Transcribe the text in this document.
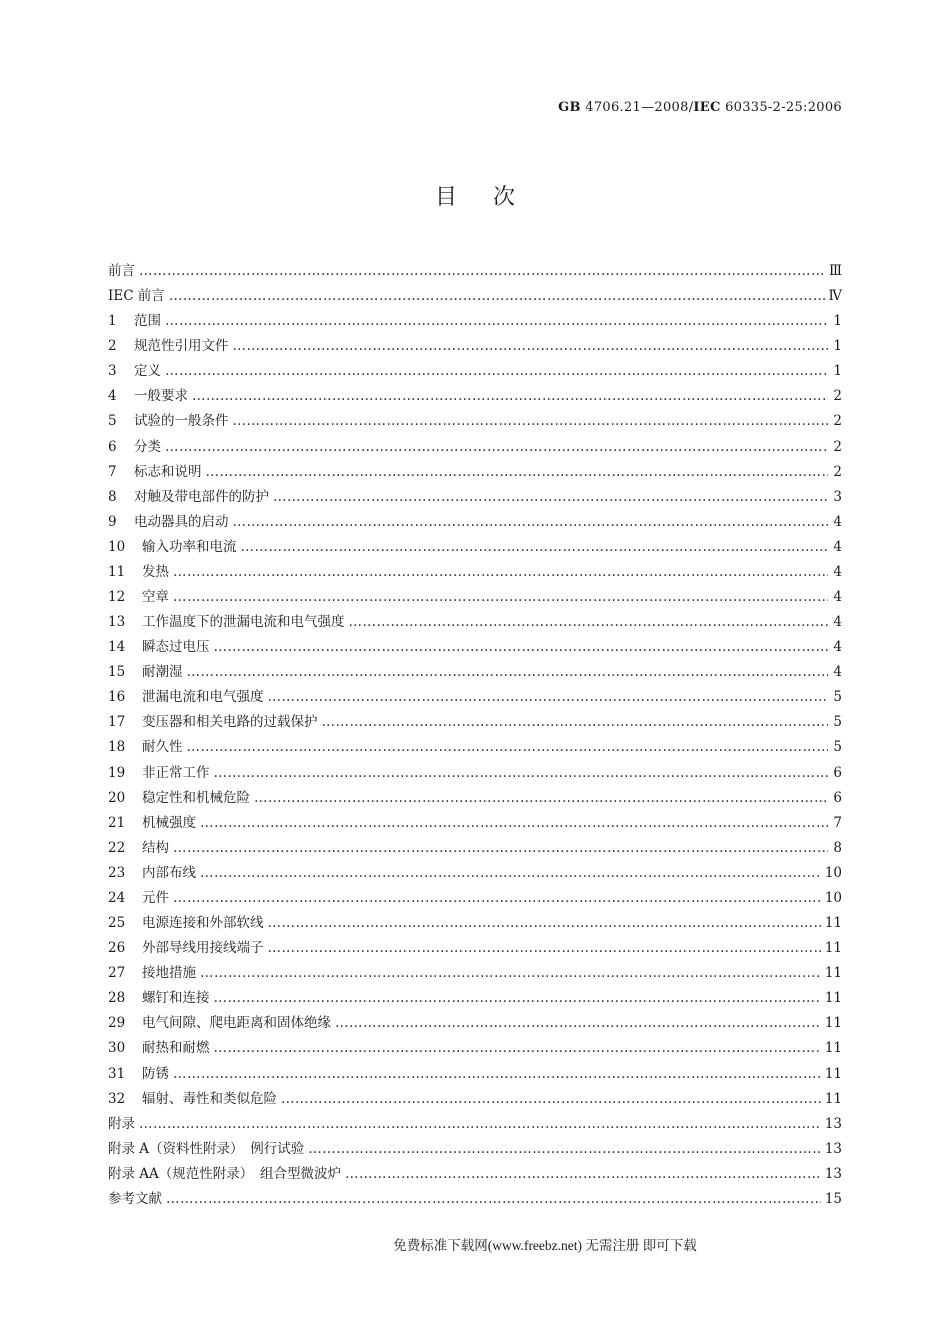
GB 4706.21—2008/IEC 60335-2-25:2006
目次
前言 …………………………………………………………………………………………………………………………………………………………………………	Ⅲ
IEC 前言 …………………………………………………………………………………………………………………………………………………………………………	Ⅳ
1	范围 …………………………………………………………………………………………………………………………………………………………………………	1
2	规范性引用文件 …………………………………………………………………………………………………………………………………………………………………………	1
3	定义 …………………………………………………………………………………………………………………………………………………………………………	1
4	一般要求 …………………………………………………………………………………………………………………………………………………………………………	2
5	试验的一般条件 …………………………………………………………………………………………………………………………………………………………………………	2
6	分类 …………………………………………………………………………………………………………………………………………………………………………	2
7	标志和说明 …………………………………………………………………………………………………………………………………………………………………………	2
8	对触及带电部件的防护 …………………………………………………………………………………………………………………………………………………………………………	3
9	电动器具的启动 …………………………………………………………………………………………………………………………………………………………………………	4
10	输入功率和电流 …………………………………………………………………………………………………………………………………………………………………………	4
11	发热 …………………………………………………………………………………………………………………………………………………………………………	4
12	空章 …………………………………………………………………………………………………………………………………………………………………………	4
13	工作温度下的泄漏电流和电气强度 …………………………………………………………………………………………………………………………………………………………………………	4
14	瞬态过电压 …………………………………………………………………………………………………………………………………………………………………………	4
15	耐潮湿 …………………………………………………………………………………………………………………………………………………………………………	4
16	泄漏电流和电气强度 …………………………………………………………………………………………………………………………………………………………………………	5
17	变压器和相关电路的过载保护 …………………………………………………………………………………………………………………………………………………………………………	5
18	耐久性 …………………………………………………………………………………………………………………………………………………………………………	5
19	非正常工作 …………………………………………………………………………………………………………………………………………………………………………	6
20	稳定性和机械危险 …………………………………………………………………………………………………………………………………………………………………………	6
21	机械强度 …………………………………………………………………………………………………………………………………………………………………………	7
22	结构 …………………………………………………………………………………………………………………………………………………………………………	8
23	内部布线 …………………………………………………………………………………………………………………………………………………………………………	10
24	元件 …………………………………………………………………………………………………………………………………………………………………………	10
25	电源连接和外部软线 …………………………………………………………………………………………………………………………………………………………………………	11
26	外部导线用接线端子 …………………………………………………………………………………………………………………………………………………………………………	11
27	接地措施 …………………………………………………………………………………………………………………………………………………………………………	11
28	螺钉和连接 …………………………………………………………………………………………………………………………………………………………………………	11
29	电气间隙、爬电距离和固体绝缘 …………………………………………………………………………………………………………………………………………………………………………	11
30	耐热和耐燃 …………………………………………………………………………………………………………………………………………………………………………	11
31	防锈 …………………………………………………………………………………………………………………………………………………………………………	11
32	辐射、毒性和类似危险 …………………………………………………………………………………………………………………………………………………………………………	11
附录 …………………………………………………………………………………………………………………………………………………………………………	13
附录 A（资料性附录）　例行试验 …………………………………………………………………………………………………………………………………………………………………………	13
附录 AA（规范性附录）　组合型微波炉 …………………………………………………………………………………………………………………………………………………………………………	13
参考文献 …………………………………………………………………………………………………………………………………………………………………………	15
免费标准下载网(www.freebz.net) 无需注册 即可下载
